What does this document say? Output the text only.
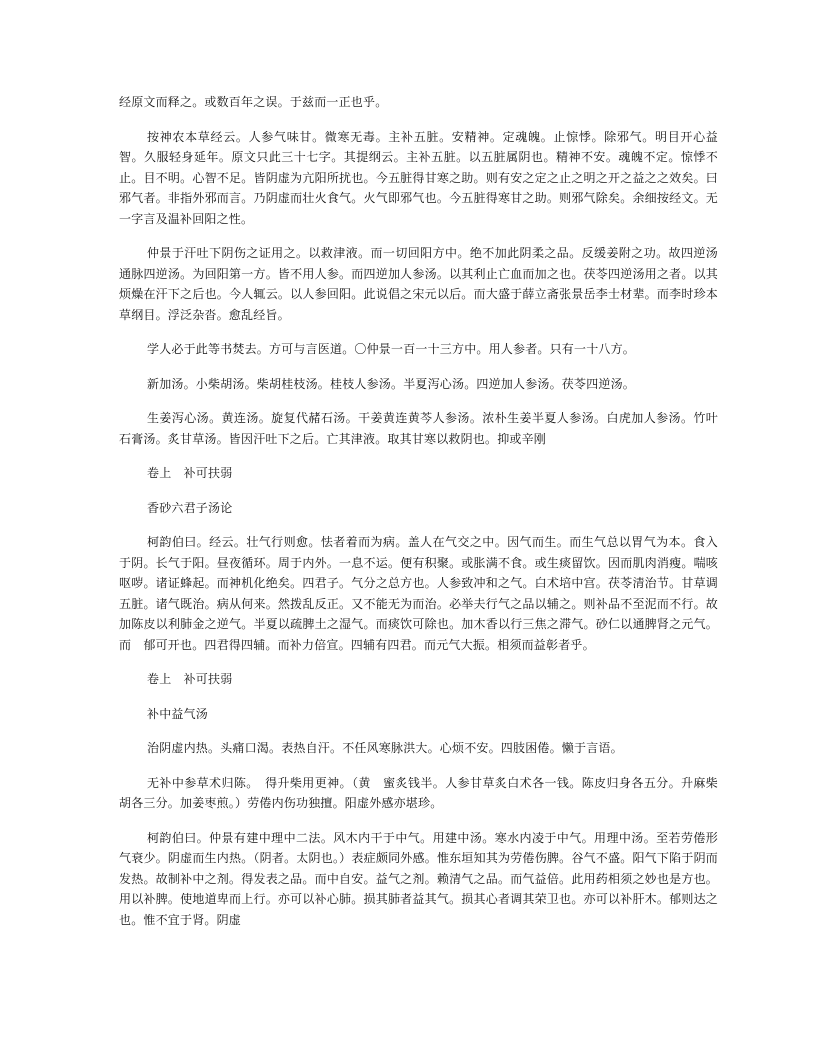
经原文而释之。或数百年之误。于兹而一正也乎。

按神农本草经云。人参气味甘。微寒无毒。主补五脏。安精神。定魂魄。止惊悸。除邪气。明目开心益智。久服轻身延年。原文只此三十七字。其提纲云。主补五脏。以五脏属阴也。精神不安。魂魄不定。惊悸不止。目不明。心智不足。皆阴虚为亢阳所扰也。今五脏得甘寒之助。则有安之定之止之明之开之益之之效矣。曰邪气者。非指外邪而言。乃阴虚而壮火食气。火气即邪气也。今五脏得寒甘之助。则邪气除矣。余细按经文。无一字言及温补回阳之性。

仲景于汗吐下阴伤之证用之。以救津液。而一切回阳方中。绝不加此阴柔之品。反缓姜附之功。故四逆汤通脉四逆汤。为回阳第一方。皆不用人参。而四逆加人参汤。以其利止亡血而加之也。茯苓四逆汤用之者。以其烦燥在汗下之后也。今人辄云。以人参回阳。此说倡之宋元以后。而大盛于薛立斋张景岳李士材辈。而李时珍本草纲目。浮泛杂沓。愈乱经旨。

学人必于此等书焚去。方可与言医道。〇仲景一百一十三方中。用人参者。只有一十八方。

新加汤。小柴胡汤。柴胡桂枝汤。桂枝人参汤。半夏泻心汤。四逆加人参汤。茯苓四逆汤。

生姜泻心汤。黄连汤。旋复代赭石汤。干姜黄连黄芩人参汤。浓朴生姜半夏人参汤。白虎加人参汤。竹叶石膏汤。炙甘草汤。皆因汗吐下之后。亡其津液。取其甘寒以救阴也。抑或辛刚

卷上　补可扶弱

香砂六君子汤论

柯韵伯曰。经云。壮气行则愈。怯者着而为病。盖人在气交之中。因气而生。而生气总以胃气为本。食入于阴。长气于阳。昼夜循环。周于内外。一息不运。便有积聚。或胀满不食。或生痰留饮。因而肌肉消瘦。喘咳呕哕。诸证蜂起。而神机化绝矣。四君子。气分之总方也。人参致冲和之气。白术培中宫。茯苓清治节。甘草调五脏。诸气既治。病从何来。然拨乱反正。又不能无为而治。必举夫行气之品以辅之。则补品不至泥而不行。故加陈皮以利肺金之逆气。半夏以疏脾土之湿气。而痰饮可除也。加木香以行三焦之滞气。砂仁以通脾肾之元气。而　郁可开也。四君得四辅。而补力倍宣。四辅有四君。而元气大振。相须而益彰者乎。

卷上　补可扶弱

补中益气汤

治阴虚内热。头痛口渴。表热自汗。不任风寒脉洪大。心烦不安。四肢困倦。懒于言语。

无补中参草术归陈。　得升柴用更神。（黄　蜜炙钱半。人参甘草炙白术各一钱。陈皮归身各五分。升麻柴胡各三分。加姜枣煎。）劳倦内伤功独擅。阳虚外感亦堪珍。

柯韵伯曰。仲景有建中理中二法。风木内干于中气。用建中汤。寒水内凌于中气。用理中汤。至若劳倦形气衰少。阴虚而生内热。（阴者。太阴也。）表症颇同外感。惟东垣知其为劳倦伤脾。谷气不盛。阳气下陷于阴而发热。故制补中之剂。得发表之品。而中自安。益气之剂。赖清气之品。而气益倍。此用药相须之妙也是方也。用以补脾。使地道卑而上行。亦可以补心肺。损其肺者益其气。损其心者调其荣卫也。亦可以补肝木。郁则达之也。惟不宜于肾。阴虚
